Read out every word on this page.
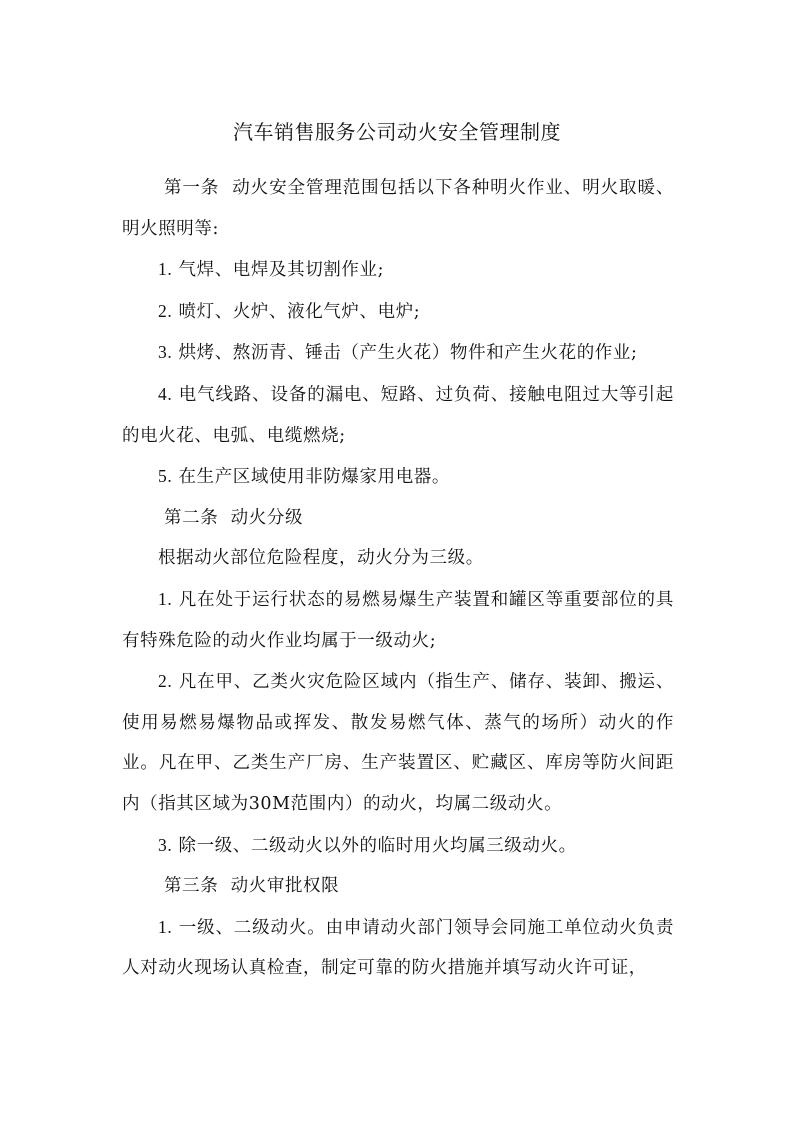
汽车销售服务公司动火安全管理制度

第一条 动火安全管理范围包括以下各种明火作业、明火取暖、明火照明等:

1. 气焊、电焊及其切割作业;

2. 喷灯、火炉、液化气炉、电炉;

3. 烘烤、熬沥青、锤击（产生火花）物件和产生火花的作业;

4. 电气线路、设备的漏电、短路、过负荷、接触电阻过大等引起的电火花、电弧、电缆燃烧;

5. 在生产区域使用非防爆家用电器。

第二条 动火分级

根据动火部位危险程度，动火分为三级。

1. 凡在处于运行状态的易燃易爆生产装置和罐区等重要部位的具有特殊危险的动火作业均属于一级动火;

2. 凡在甲、乙类火灾危险区域内（指生产、储存、装卸、搬运、使用易燃易爆物品或挥发、散发易燃气体、蒸气的场所）动火的作业。凡在甲、乙类生产厂房、生产装置区、贮藏区、库房等防火间距内（指其区域为30M范围内）的动火，均属二级动火。

3. 除一级、二级动火以外的临时用火均属三级动火。

第三条 动火审批权限

1. 一级、二级动火。由申请动火部门领导会同施工单位动火负责人对动火现场认真检查，制定可靠的防火措施并填写动火许可证，
